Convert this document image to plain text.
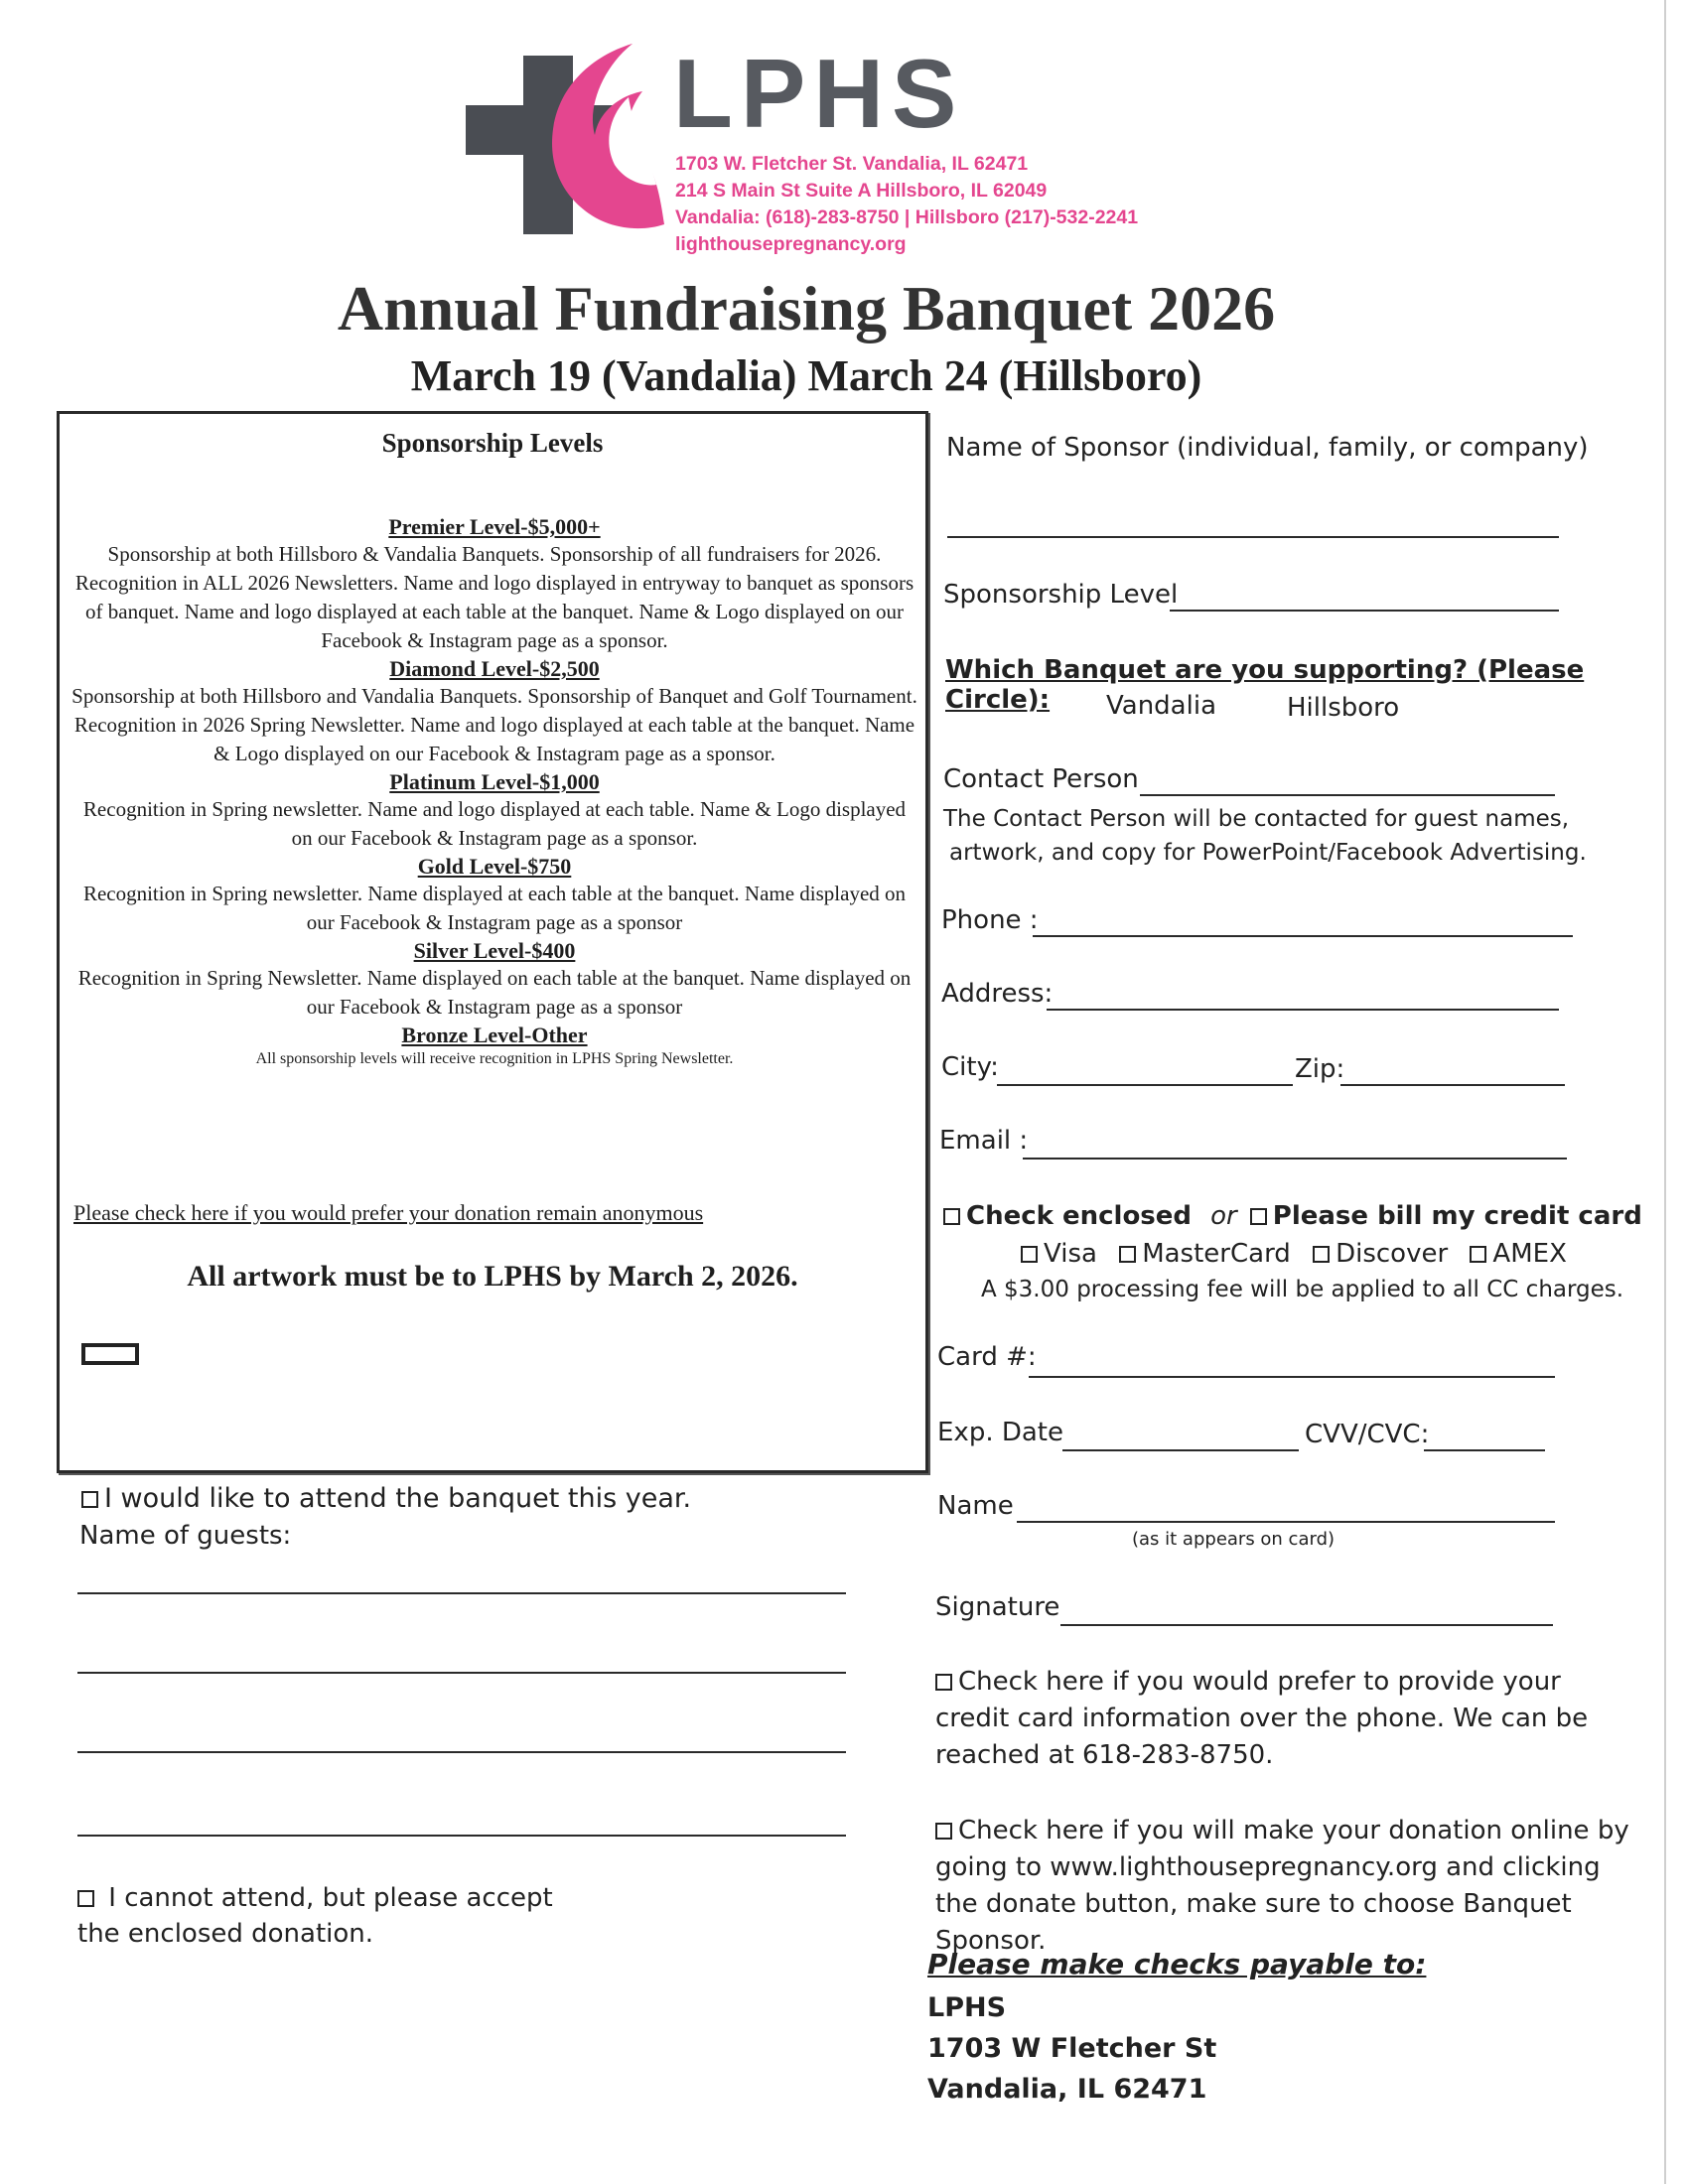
LPHS
1703 W. Fletcher St. Vandalia, IL 62471
214 S Main St Suite A Hillsboro, IL 62049
Vandalia: (618)-283-8750 | Hillsboro (217)-532-2241
lighthousepregnancy.org
Annual Fundraising Banquet 2026
March 19 (Vandalia) March 24 (Hillsboro)
Sponsorship Levels

Premier Level-$5,000+

Sponsorship at both Hillsboro & Vandalia Banquets. Sponsorship of all fundraisers for 2026. Recognition in ALL 2026 Newsletters. Name and logo displayed in entryway to banquet as sponsors of banquet. Name and logo displayed at each table at the banquet. Name & Logo displayed on our Facebook & Instagram page as a sponsor.

Diamond Level-$2,500

Sponsorship at both Hillsboro and Vandalia Banquets. Sponsorship of Banquet and Golf Tournament. Recognition in 2026 Spring Newsletter. Name and logo displayed at each table at the banquet. Name & Logo displayed on our Facebook & Instagram page as a sponsor.

Platinum Level-$1,000

Recognition in Spring newsletter. Name and logo displayed at each table. Name & Logo displayed on our Facebook & Instagram page as a sponsor.

Gold Level-$750

Recognition in Spring newsletter. Name displayed at each table at the banquet. Name displayed on our Facebook & Instagram page as a sponsor

Silver Level-$400

Recognition in Spring Newsletter. Name displayed on each table at the banquet. Name displayed on our Facebook & Instagram page as a sponsor

Bronze Level-Other

All sponsorship levels will receive recognition in LPHS Spring Newsletter.

Please check here if you would prefer your donation remain anonymous
All artwork must be to LPHS by March 2, 2026.
I would like to attend the banquet this year.
Name of guests:
I cannot attend, but please accept
the enclosed donation.
Name of Sponsor (individual, family, or company)
Sponsorship Level
Which Banquet are you supporting? (Please Circle):	Vandalia	Hillsboro
Contact Person
The Contact Person will be contacted for guest names,
artwork, and copy for PowerPoint/Facebook Advertising.
Phone :
Address:
City:	Zip:
Email :
Check enclosed or Please bill my credit card
Visa MasterCard Discover AMEX
A $3.00 processing fee will be applied to all CC charges.
Card #:
Exp. Date	CVV/CVC:
Name
(as it appears on card)
Signature
Check here if you would prefer to provide your credit card information over the phone. We can be reached at 618-283-8750.
Check here if you will make your donation online by going to www.lighthousepregnancy.org and clicking the donate button, make sure to choose Banquet Sponsor.
Please make checks payable to:
LPHS
1703 W Fletcher St
Vandalia, IL 62471
